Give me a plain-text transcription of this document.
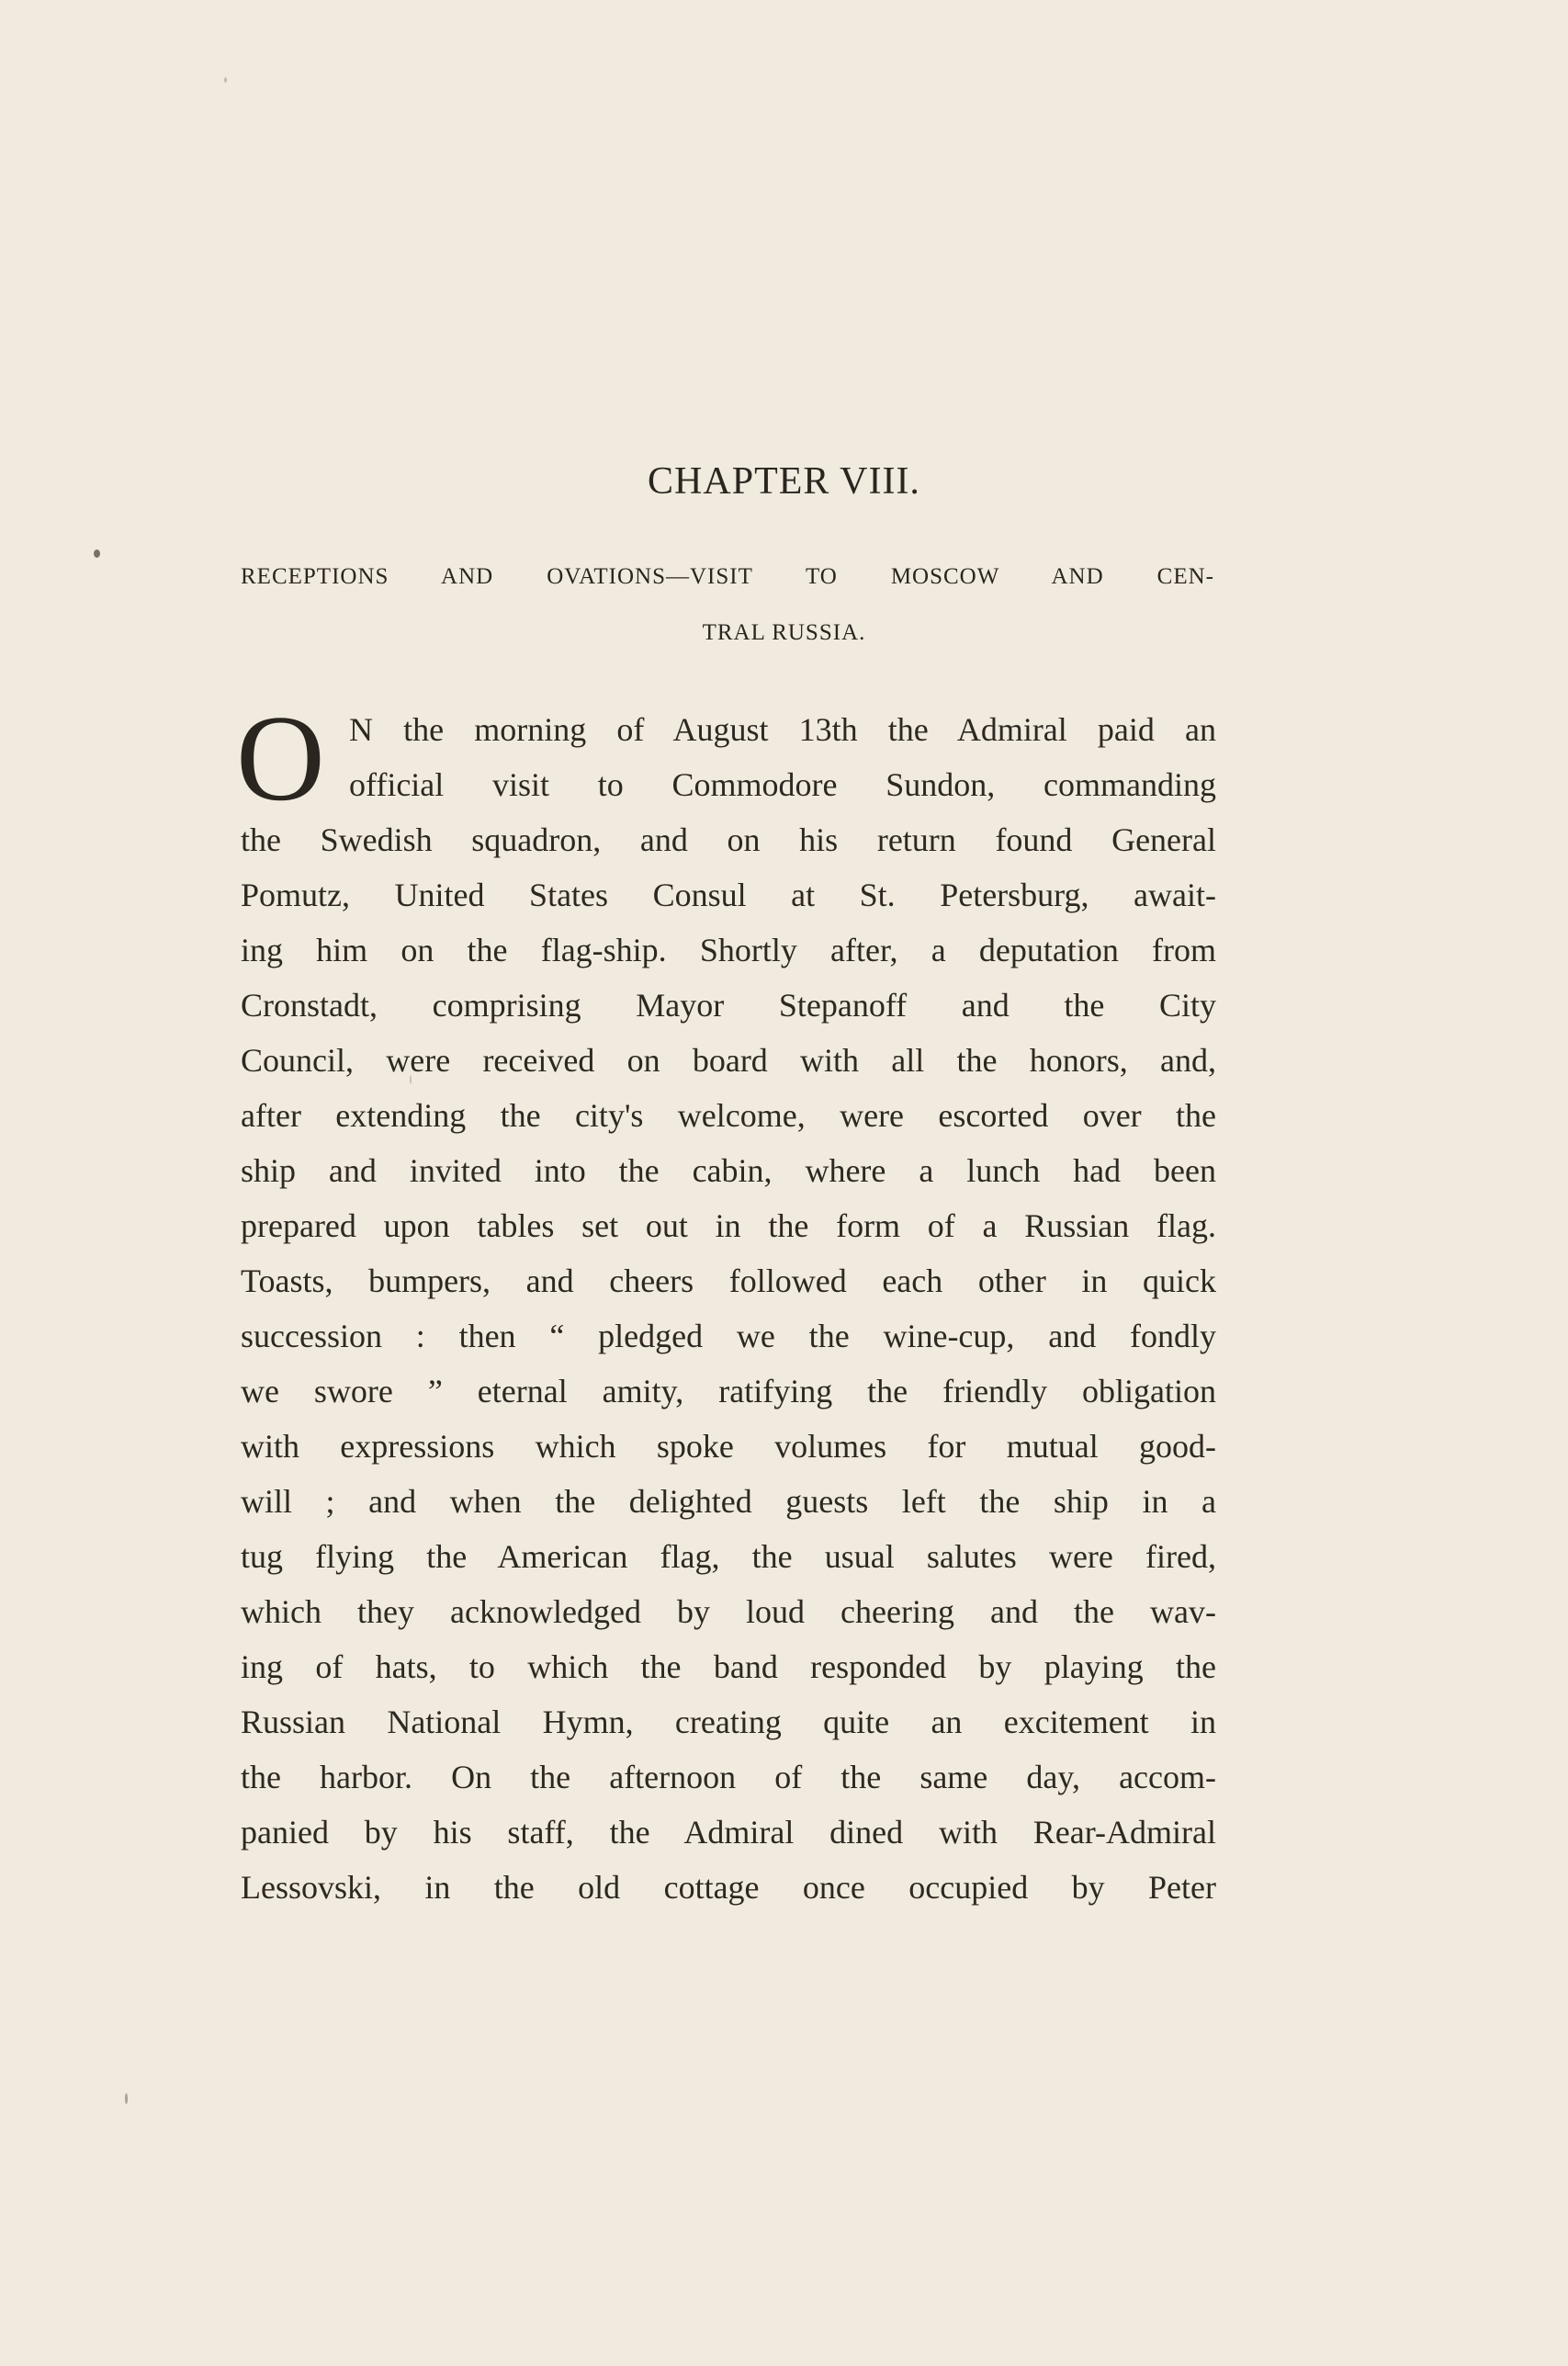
CHAPTER VIII.
RECEPTIONS AND OVATIONS—VISIT TO MOSCOW AND CEN-
TRAL RUSSIA.
O N the morning of August 13th the Admiral paid an
official visit to Commodore Sundon, commanding
the Swedish squadron, and on his return found General
Pomutz, United States Consul at St. Petersburg, await-
ing him on the flag-ship. Shortly after, a deputation from
Cronstadt, comprising Mayor Stepanoff and the City
Council, were received on board with all the honors, and,
after extending the city's welcome, were escorted over the
ship and invited into the cabin, where a lunch had been
prepared upon tables set out in the form of a Russian flag.
Toasts, bumpers, and cheers followed each other in quick
succession : then “ pledged we the wine-cup, and fondly
we swore ” eternal amity, ratifying the friendly obligation
with expressions which spoke volumes for mutual good-
will ; and when the delighted guests left the ship in a
tug flying the American flag, the usual salutes were fired,
which they acknowledged by loud cheering and the wav-
ing of hats, to which the band responded by playing the
Russian National Hymn, creating quite an excitement in
the harbor. On the afternoon of the same day, accom-
panied by his staff, the Admiral dined with Rear-Admiral
Lessovski, in the old cottage once occupied by Peter
